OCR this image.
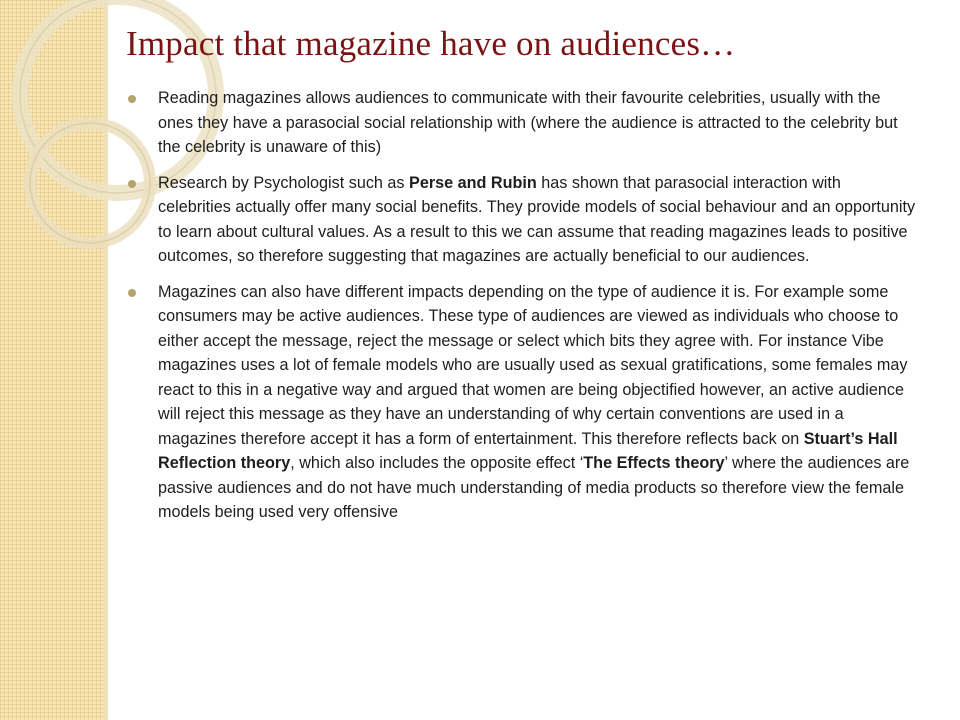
Impact that magazine have on audiences…
Reading magazines allows audiences to communicate with their favourite celebrities, usually with the ones they have a parasocial social relationship with (where the audience is attracted to the celebrity but the celebrity is unaware of this)
Research by Psychologist such as Perse and Rubin has shown that parasocial interaction with celebrities actually offer many social benefits. They provide models of social behaviour and an opportunity to learn about cultural values. As a result to this we can assume that reading magazines leads to positive outcomes, so therefore suggesting that magazines are actually beneficial to our audiences.
Magazines can also have different impacts depending on the type of audience it is. For example some consumers may be active audiences. These type of audiences are viewed as individuals who choose to either accept the message, reject the message or select which bits they agree with. For instance Vibe magazines uses a lot of female models who are usually used as sexual gratifications, some females may react to this in a negative way and argued that women are being objectified however, an active audience will reject this message as they have an understanding of why certain conventions are used in a magazines therefore accept it has a form of entertainment. This therefore reflects back on Stuart’s Hall Reflection theory, which also includes the opposite effect ‘The Effects theory’ where the audiences are passive audiences and do not have much understanding of media products so therefore view the female models being used very offensive
